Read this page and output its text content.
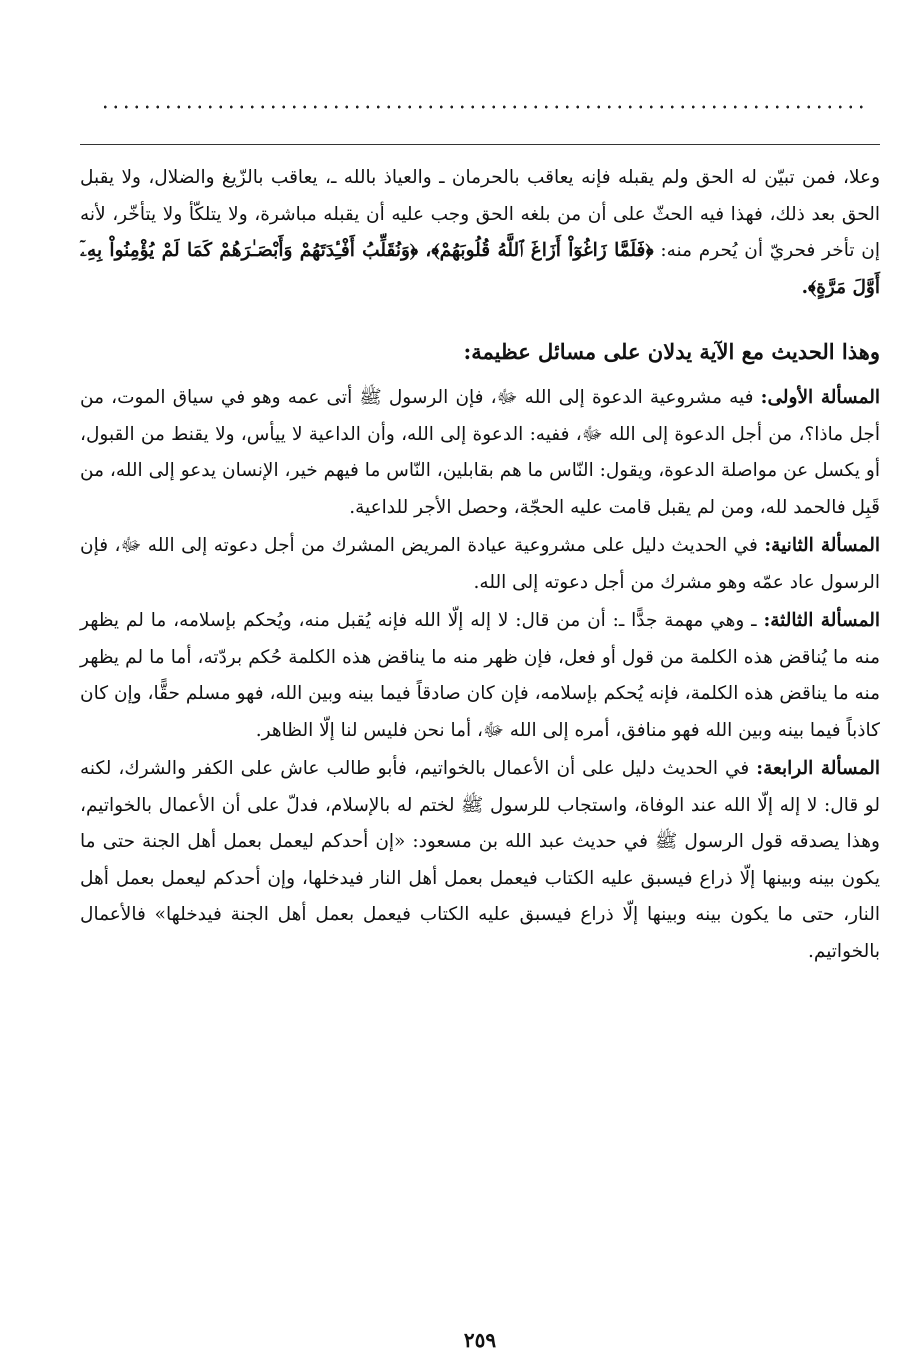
وعلا، فمن تبيّن له الحق ولم يقبله فإنه يعاقب بالحرمان ـ والعياذ بالله ـ، يعاقب بالزّيغ والضلال، ولا يقبل الحق بعد ذلك، فهذا فيه الحثّ على أن من بلغه الحق وجب عليه أن يقبله مباشرة، ولا يتلكّأ ولا يتأخّر، لأنه إن تأخر فحريّ أن يُحرم منه: ﴿فَلَمَّا زَاغُوٓاْ أَزَاغَ ٱللَّهُ قُلُوبَهُمْ﴾، ﴿وَنُقَلِّبُ أَفْـِٔدَتَهُمْ وَأَبْصَـٰرَهُمْ كَمَا لَمْ يُؤْمِنُواْ بِهِۦٓ أَوَّلَ مَرَّةٍ﴾.

وهذا الحديث مع الآية يدلان على مسائل عظيمة:

المسألة الأولى: فيه مشروعية الدعوة إلى الله ﷻ، فإن الرسول ﷺ أتى عمه وهو في سياق الموت، من أجل ماذا؟، من أجل الدعوة إلى الله ﷻ، ففيه: الدعوة إلى الله، وأن الداعية لا ييأس، ولا يقنط من القبول، أو يكسل عن مواصلة الدعوة، ويقول: النّاس ما هم بقابلين، النّاس ما فيهم خير، الإنسان يدعو إلى الله، من قَبِل فالحمد لله، ومن لم يقبل قامت عليه الحجّة، وحصل الأجر للداعية.

المسألة الثانية: في الحديث دليل على مشروعية عيادة المريض المشرك من أجل دعوته إلى الله ﷻ، فإن الرسول عاد عمّه وهو مشرك من أجل دعوته إلى الله.

المسألة الثالثة: ـ وهي مهمة جدًّا ـ: أن من قال: لا إله إلّا الله فإنه يُقبل منه، ويُحكم بإسلامه، ما لم يظهر منه ما يُناقض هذه الكلمة من قول أو فعل، فإن ظهر منه ما يناقض هذه الكلمة حُكم بردّته، أما ما لم يظهر منه ما يناقض هذه الكلمة، فإنه يُحكم بإسلامه، فإن كان صادقاً فيما بينه وبين الله، فهو مسلم حقًّا، وإن كان كاذباً فيما بينه وبين الله فهو منافق، أمره إلى الله ﷻ، أما نحن فليس لنا إلّا الظاهر.

المسألة الرابعة: في الحديث دليل على أن الأعمال بالخواتيم، فأبو طالب عاش على الكفر والشرك، لكنه لو قال: لا إله إلّا الله عند الوفاة، واستجاب للرسول ﷺ لختم له بالإسلام، فدلّ على أن الأعمال بالخواتيم، وهذا يصدقه قول الرسول ﷺ في حديث عبد الله بن مسعود: «إن أحدكم ليعمل بعمل أهل الجنة حتى ما يكون بينه وبينها إلّا ذراع فيسبق عليه الكتاب فيعمل بعمل أهل النار فيدخلها، وإن أحدكم ليعمل بعمل أهل النار، حتى ما يكون بينه وبينها إلّا ذراع فيسبق عليه الكتاب فيعمل بعمل أهل الجنة فيدخلها» فالأعمال بالخواتيم.

٢٥٩
